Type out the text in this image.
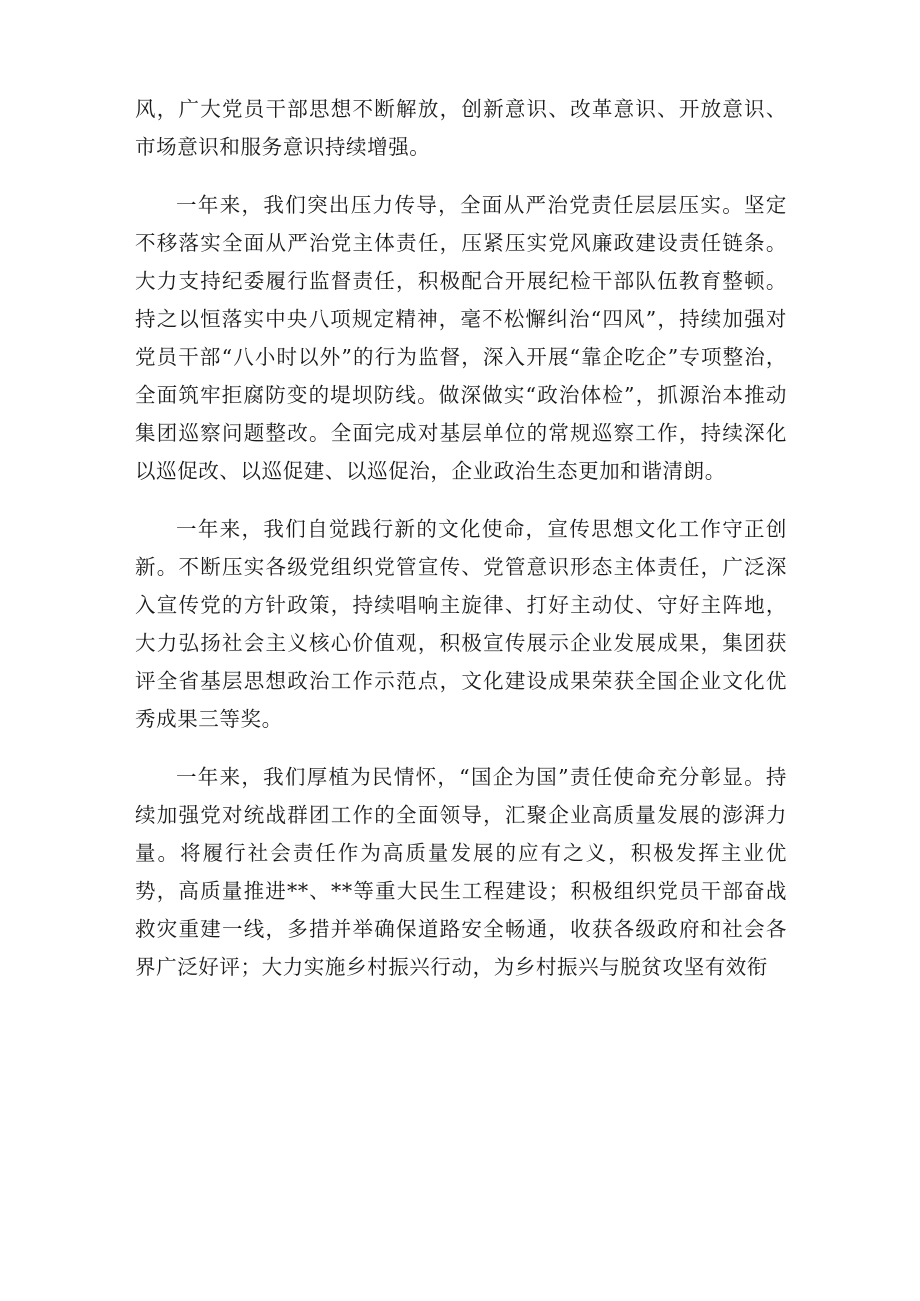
风，广大党员干部思想不断解放，创新意识、改革意识、开放意识、市场意识和服务意识持续增强。

一年来，我们突出压力传导，全面从严治党责任层层压实。坚定不移落实全面从严治党主体责任，压紧压实党风廉政建设责任链条。大力支持纪委履行监督责任，积极配合开展纪检干部队伍教育整顿。持之以恒落实中央八项规定精神，毫不松懈纠治“四风”，持续加强对党员干部“八小时以外”的行为监督，深入开展“靠企吃企”专项整治，全面筑牢拒腐防变的堤坝防线。做深做实“政治体检”，抓源治本推动集团巡察问题整改。全面完成对基层单位的常规巡察工作，持续深化以巡促改、以巡促建、以巡促治，企业政治生态更加和谐清朗。

一年来，我们自觉践行新的文化使命，宣传思想文化工作守正创新。不断压实各级党组织党管宣传、党管意识形态主体责任，广泛深入宣传党的方针政策，持续唱响主旋律、打好主动仗、守好主阵地，大力弘扬社会主义核心价值观，积极宣传展示企业发展成果，集团获评全省基层思想政治工作示范点，文化建设成果荣获全国企业文化优秀成果三等奖。

一年来，我们厚植为民情怀，“国企为国”责任使命充分彰显。持续加强党对统战群团工作的全面领导，汇聚企业高质量发展的澎湃力量。将履行社会责任作为高质量发展的应有之义，积极发挥主业优势，高质量推进**、**等重大民生工程建设；积极组织党员干部奋战救灾重建一线，多措并举确保道路安全畅通，收获各级政府和社会各界广泛好评；大力实施乡村振兴行动，为乡村振兴与脱贫攻坚有效衔
